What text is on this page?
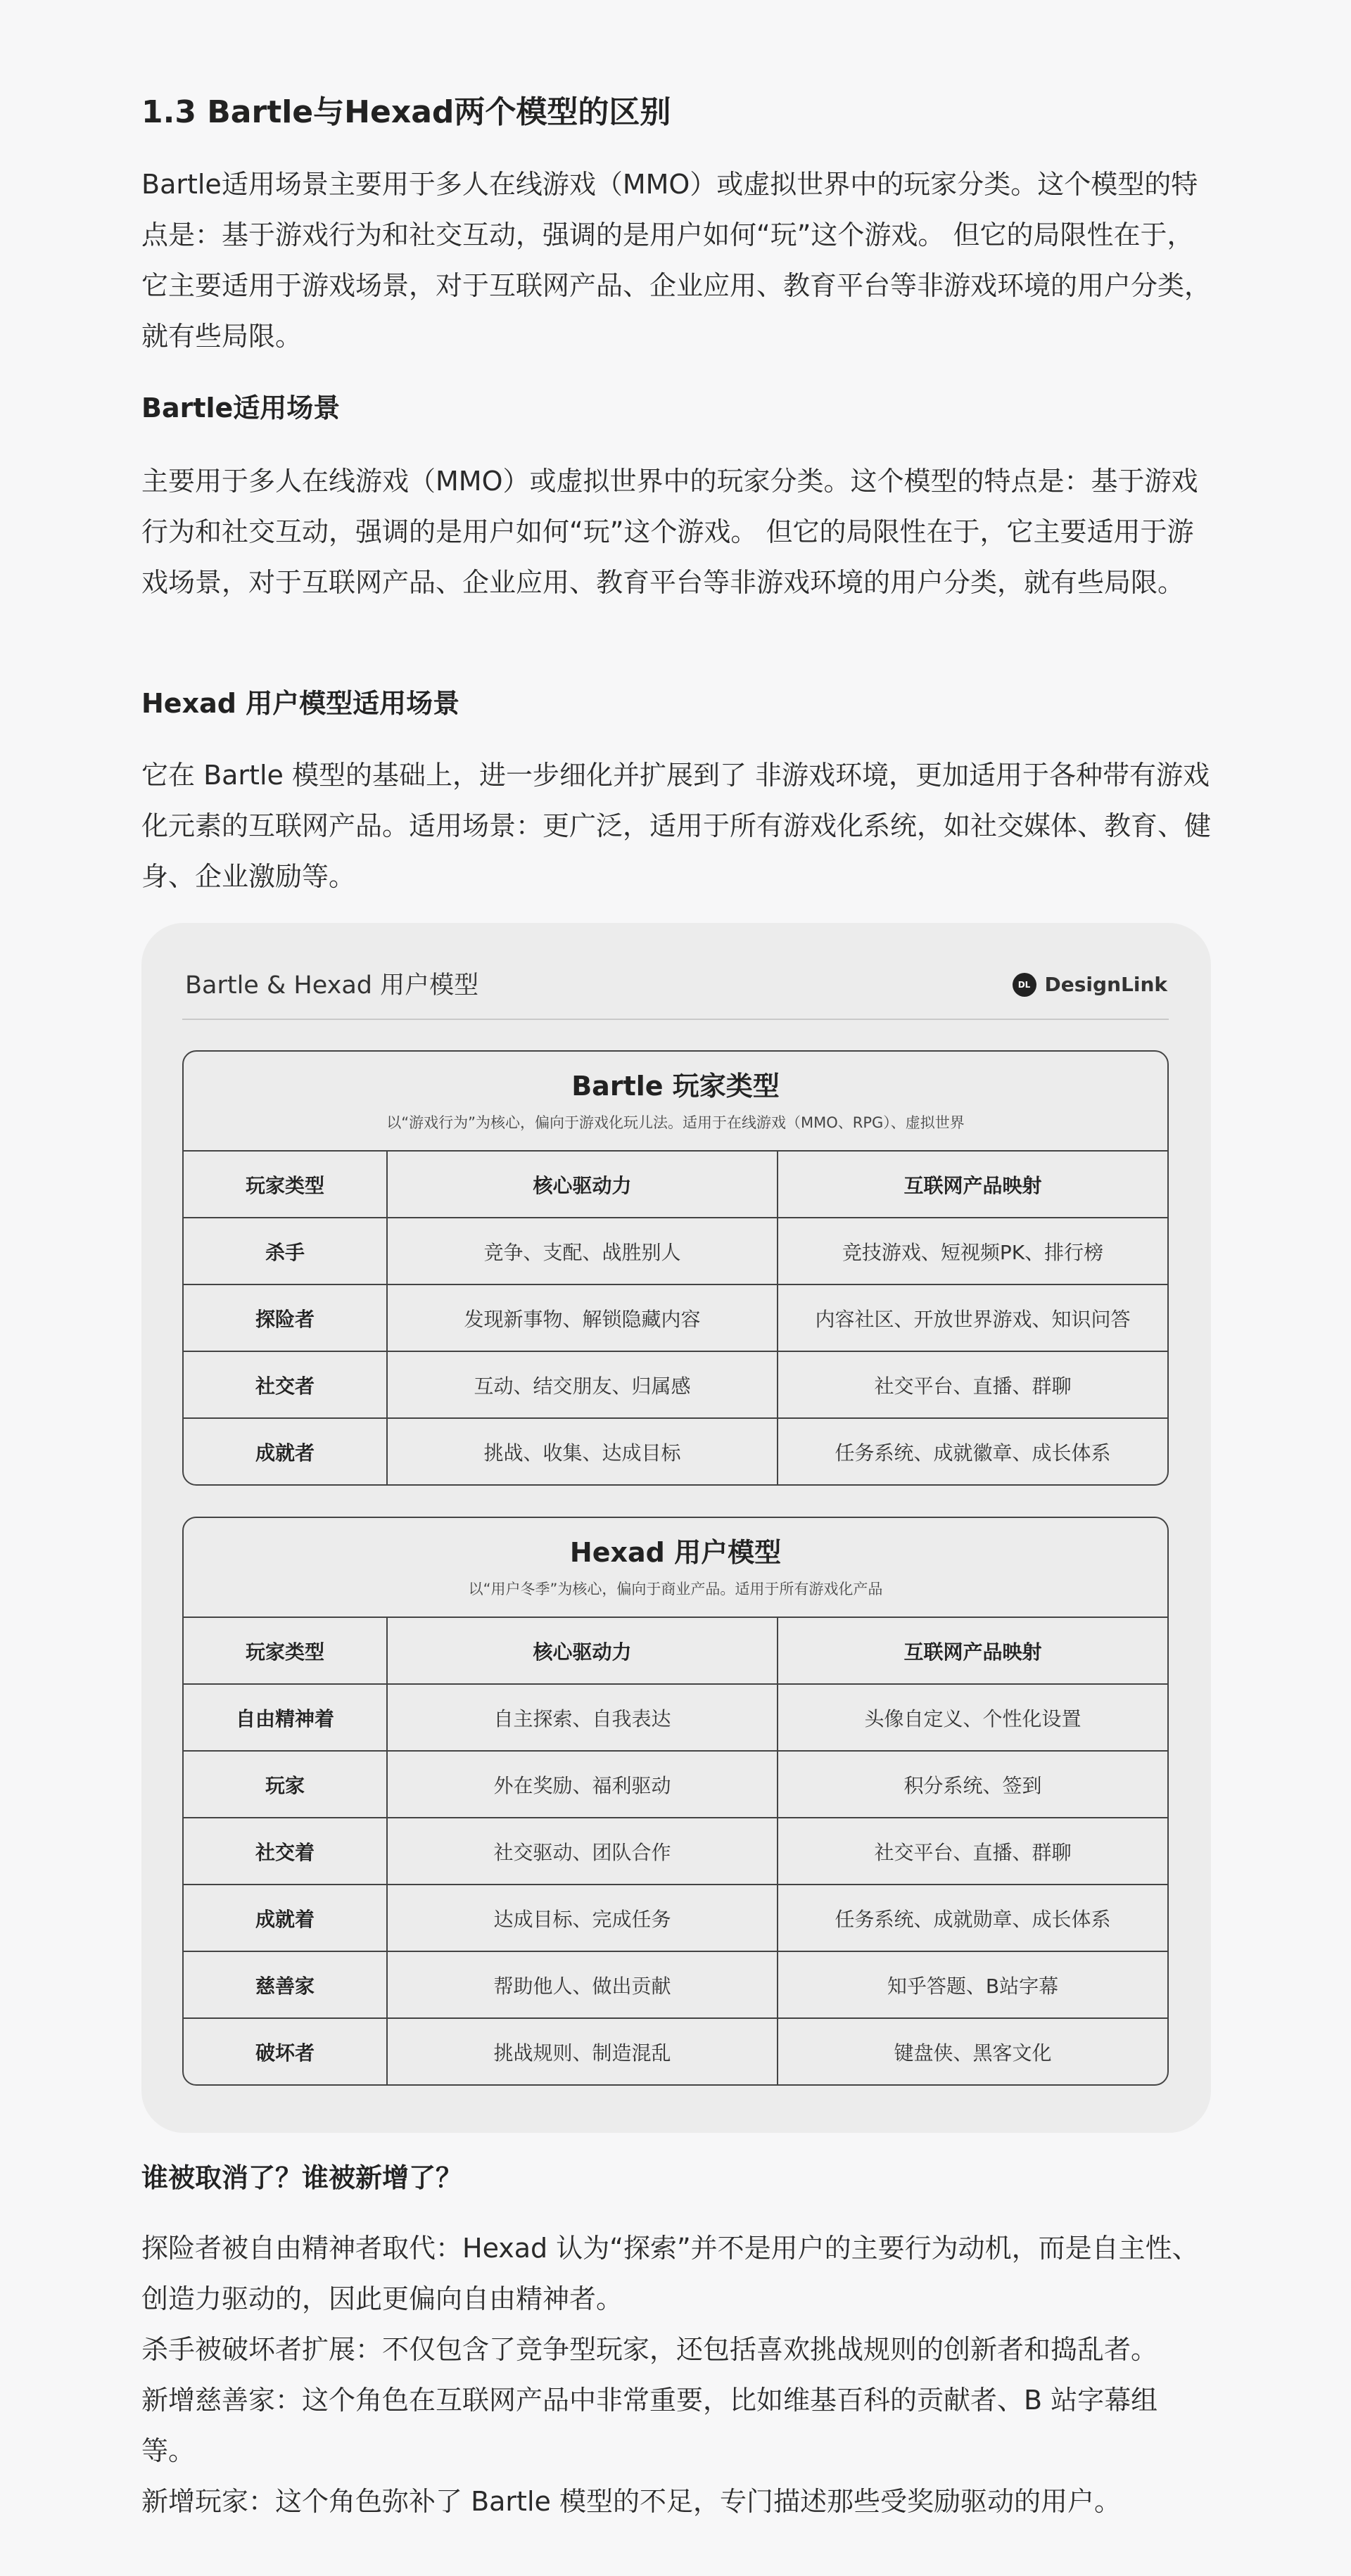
1.3 Bartle与Hexad两个模型的区别

Bartle适用场景主要用于多人在线游戏（MMO）或虚拟世界中的玩家分类。这个模型的特点是：基于游戏行为和社交互动，强调的是用户如何“玩”这个游戏。 但它的局限性在于，它主要适用于游戏场景，对于互联网产品、企业应用、教育平台等非游戏环境的用户分类，就有些局限。

Bartle适用场景

主要用于多人在线游戏（MMO）或虚拟世界中的玩家分类。这个模型的特点是：基于游戏行为和社交互动，强调的是用户如何“玩”这个游戏。 但它的局限性在于，它主要适用于游戏场景，对于互联网产品、企业应用、教育平台等非游戏环境的用户分类，就有些局限。

Hexad 用户模型适用场景

它在 Bartle 模型的基础上，进一步细化并扩展到了 非游戏环境，更加适用于各种带有游戏化元素的互联网产品。适用场景：更广泛，适用于所有游戏化系统，如社交媒体、教育、健身、企业激励等。

Bartle & Hexad 用户模型	DL DesignLink
Bartle 玩家类型
以“游戏行为”为核心，偏向于游戏化玩儿法。适用于在线游戏（MMO、RPG）、虚拟世界
玩家类型	核心驱动力	互联网产品映射
杀手	竞争、支配、战胜别人	竞技游戏、短视频PK、排行榜
探险者	发现新事物、解锁隐藏内容	内容社区、开放世界游戏、知识问答
社交者	互动、结交朋友、归属感	社交平台、直播、群聊
成就者	挑战、收集、达成目标	任务系统、成就徽章、成长体系
Hexad 用户模型
以“用户冬季”为核心，偏向于商业产品。适用于所有游戏化产品
玩家类型	核心驱动力	互联网产品映射
自由精神着	自主探索、自我表达	头像自定义、个性化设置
玩家	外在奖励、福利驱动	积分系统、签到
社交着	社交驱动、团队合作	社交平台、直播、群聊
成就着	达成目标、完成任务	任务系统、成就勋章、成长体系
慈善家	帮助他人、做出贡献	知乎答题、B站字幕
破坏者	挑战规则、制造混乱	键盘侠、黑客文化
谁被取消了？谁被新增了？

探险者被自由精神者取代：Hexad 认为“探索”并不是用户的主要行为动机，而是自主性、创造力驱动的，因此更偏向自由精神者。

杀手被破坏者扩展：不仅包含了竞争型玩家，还包括喜欢挑战规则的创新者和捣乱者。

新增慈善家：这个角色在互联网产品中非常重要，比如维基百科的贡献者、B 站字幕组等。

新增玩家：这个角色弥补了 Bartle 模型的不足，专门描述那些受奖励驱动的用户。
